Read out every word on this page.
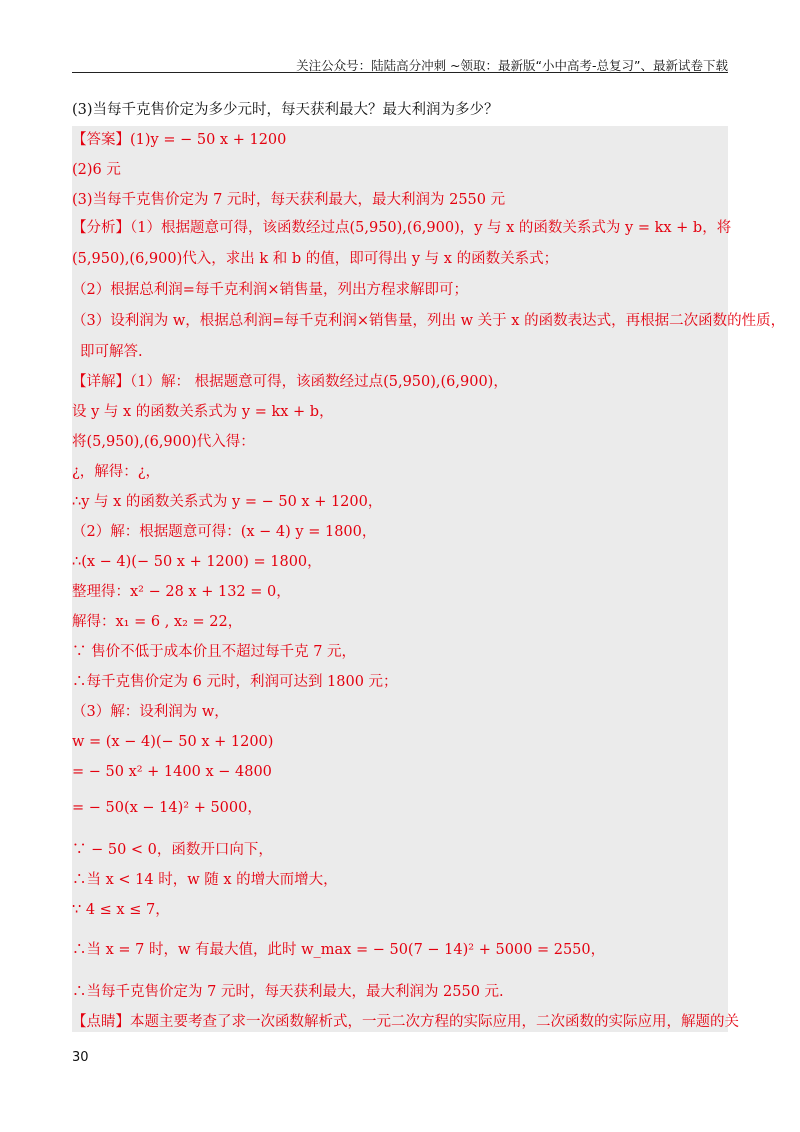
关注公众号：陆陆高分冲刺 ~领取：最新版“小中高考-总复习”、最新试卷下载
(3)当每千克售价定为多少元时，每天获利最大？最大利润为多少？
【答案】(1)y = − 50 x + 1200
(2)6 元
(3)当每千克售价定为 7 元时，每天获利最大，最大利润为 2550 元
【分析】（1）根据题意可得，该函数经过点(5,950),(6,900)，y 与 x 的函数关系式为 y = kx + b，将
(5,950),(6,900)代入，求出 k 和 b 的值，即可得出 y 与 x 的函数关系式；
（2）根据总利润=每千克利润×销售量，列出方程求解即可；
（3）设利润为 w，根据总利润=每千克利润×销售量，列出 w 关于 x 的函数表达式，再根据二次函数的性质，
即可解答.
【详解】（1）解： 根据题意可得，该函数经过点(5,950),(6,900)，
设 y 与 x 的函数关系式为 y = kx + b，
将(5,950),(6,900)代入得：
¿，解得：¿，
∴y 与 x 的函数关系式为 y = − 50 x + 1200，
（2）解：根据题意可得：(x − 4) y = 1800，
∴(x − 4)(− 50 x + 1200) = 1800，
整理得：x² − 28 x + 132 = 0，
解得：x₁ = 6 , x₂ = 22，
∵ 售价不低于成本价且不超过每千克 7 元，
∴每千克售价定为 6 元时，利润可达到 1800 元；
（3）解：设利润为 w，
w = (x − 4)(− 50 x + 1200)
= − 50 x² + 1400 x − 4800
= − 50(x − 14)² + 5000，
∵ − 50 < 0，函数开口向下，
∴当 x < 14 时，w 随 x 的增大而增大，
∵ 4 ≤ x ≤ 7，
∴当 x = 7 时，w 有最大值，此时 w_max = − 50(7 − 14)² + 5000 = 2550，
∴当每千克售价定为 7 元时，每天获利最大，最大利润为 2550 元.
【点睛】本题主要考查了求一次函数解析式，一元二次方程的实际应用，二次函数的实际应用，解题的关
30
